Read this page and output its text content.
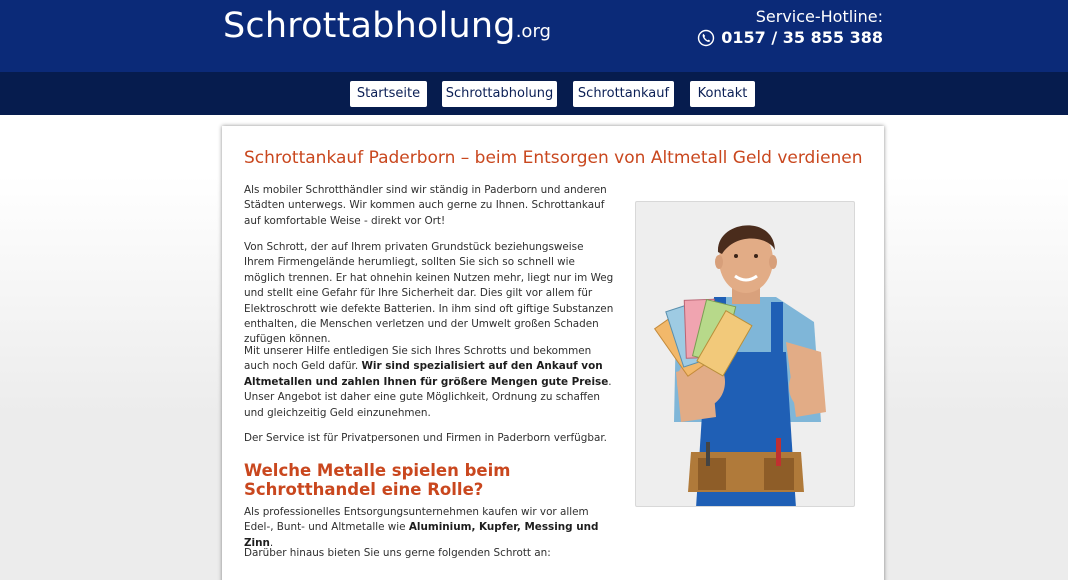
Schrottabholung.org
Service-Hotline:
0157 / 35 855 388
Startseite	Schrottabholung	Schrottankauf	Kontakt
Schrottankauf Paderborn – beim Entsorgen von Altmetall Geld verdienen

Als mobiler Schrotthändler sind wir ständig in Paderborn und anderen Städten unterwegs. Wir kommen auch gerne zu Ihnen. Schrottankauf auf komfortable Weise - direkt vor Ort!

Von Schrott, der auf Ihrem privaten Grundstück beziehungsweise Ihrem Firmengelände herumliegt, sollten Sie sich so schnell wie möglich trennen. Er hat ohnehin keinen Nutzen mehr, liegt nur im Weg und stellt eine Gefahr für Ihre Sicherheit dar. Dies gilt vor allem für Elektroschrott wie defekte Batterien. In ihm sind oft giftige Substanzen enthalten, die Menschen verletzen und der Umwelt großen Schaden zufügen können.

Mit unserer Hilfe entledigen Sie sich Ihres Schrotts und bekommen auch noch Geld dafür. Wir sind spezialisiert auf den Ankauf von Altmetallen und zahlen Ihnen für größere Mengen gute Preise. Unser Angebot ist daher eine gute Möglichkeit, Ordnung zu schaffen und gleichzeitig Geld einzunehmen.

Der Service ist für Privatpersonen und Firmen in Paderborn verfügbar.

Welche Metalle spielen beim Schrotthandel eine Rolle?

Als professionelles Entsorgungsunternehmen kaufen wir vor allem Edel-, Bunt- und Altmetalle wie Aluminium, Kupfer, Messing und Zinn.

Darüber hinaus bieten Sie uns gerne folgenden Schrott an:
